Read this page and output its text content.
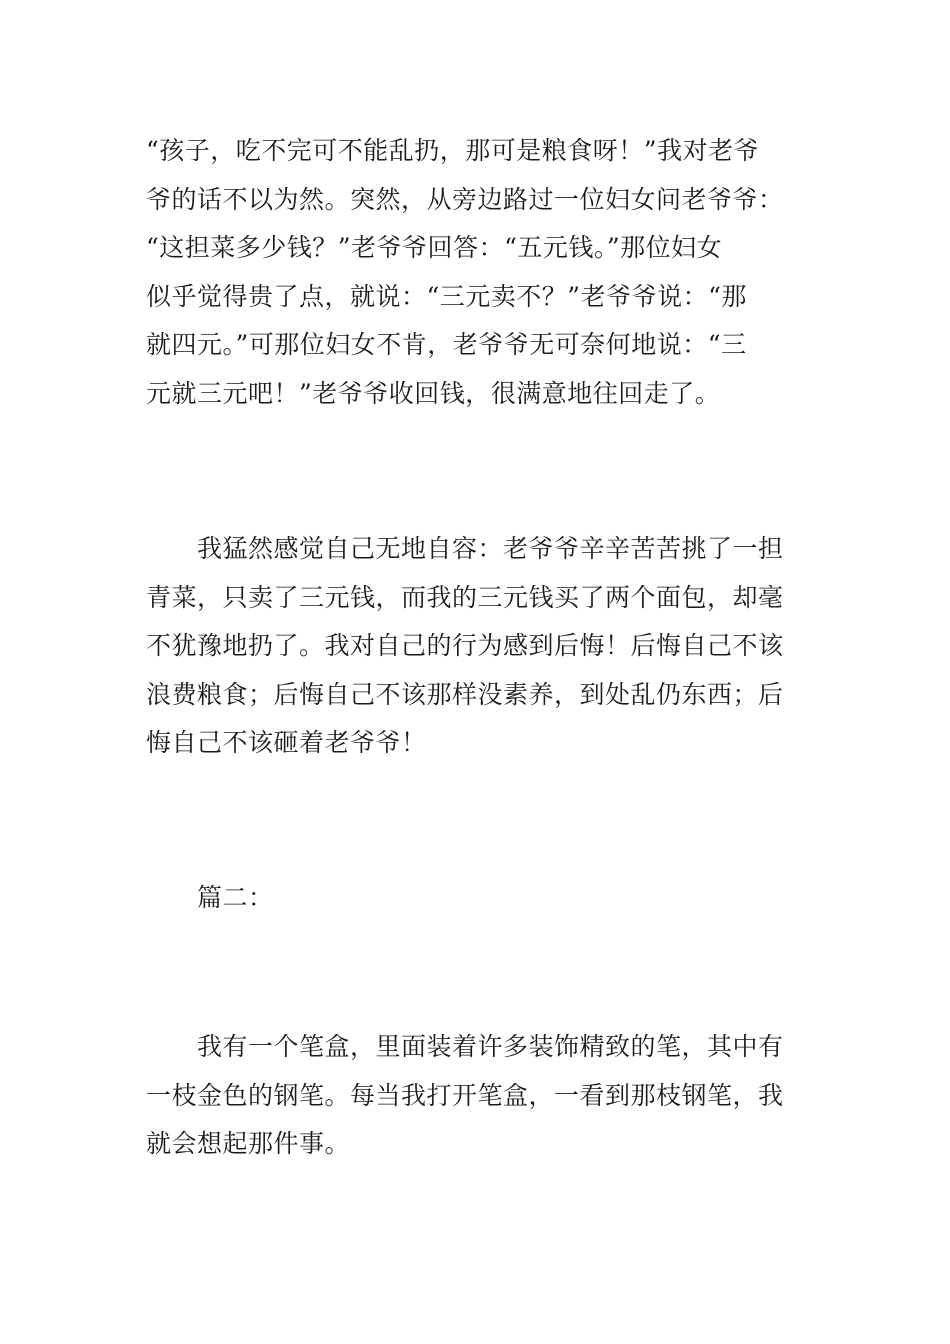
“孩子，吃不完可不能乱扔，那可是粮食呀！”我对老爷
爷的话不以为然。突然，从旁边路过一位妇女问老爷爷：
“这担菜多少钱？”老爷爷回答：“五元钱。”那位妇女
似乎觉得贵了点，就说：“三元卖不？”老爷爷说：“那
就四元。”可那位妇女不肯，老爷爷无可奈何地说：“三
元就三元吧！”老爷爷收回钱，很满意地往回走了。

　　我猛然感觉自己无地自容：老爷爷辛辛苦苦挑了一担
青菜，只卖了三元钱，而我的三元钱买了两个面包，却毫
不犹豫地扔了。我对自己的行为感到后悔！后悔自己不该
浪费粮食；后悔自己不该那样没素养，到处乱仍东西；后
悔自己不该砸着老爷爷！

　　篇二：

　　我有一个笔盒，里面装着许多装饰精致的笔，其中有
一枝金色的钢笔。每当我打开笔盒，一看到那枝钢笔，我
就会想起那件事。
